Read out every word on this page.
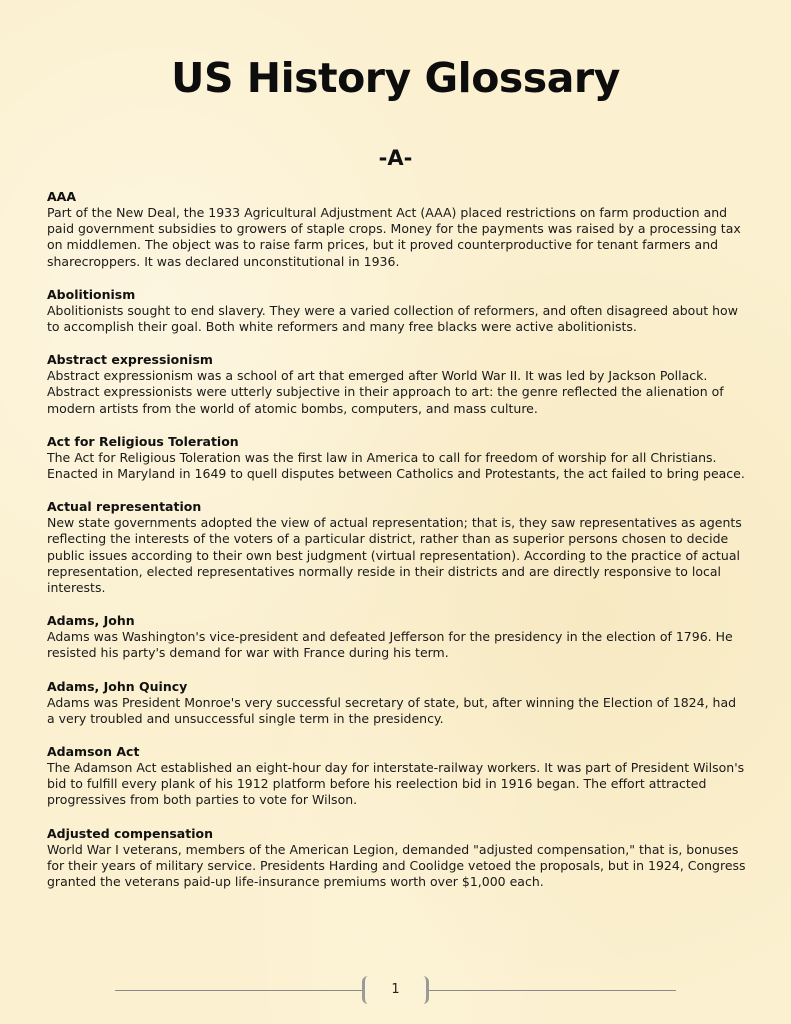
US History Glossary
-A-
AAA
Part of the New Deal, the 1933 Agricultural Adjustment Act (AAA) placed restrictions on farm production and paid government subsidies to growers of staple crops. Money for the payments was raised by a processing tax on middlemen. The object was to raise farm prices, but it proved counterproductive for tenant farmers and sharecroppers. It was declared unconstitutional in 1936.
Abolitionism
Abolitionists sought to end slavery. They were a varied collection of reformers, and often disagreed about how to accomplish their goal. Both white reformers and many free blacks were active abolitionists.
Abstract expressionism
Abstract expressionism was a school of art that emerged after World War II. It was led by Jackson Pollack. Abstract expressionists were utterly subjective in their approach to art: the genre reflected the alienation of modern artists from the world of atomic bombs, computers, and mass culture.
Act for Religious Toleration
The Act for Religious Toleration was the first law in America to call for freedom of worship for all Christians. Enacted in Maryland in 1649 to quell disputes between Catholics and Protestants, the act failed to bring peace.
Actual representation
New state governments adopted the view of actual representation; that is, they saw representatives as agents reflecting the interests of the voters of a particular district, rather than as superior persons chosen to decide public issues according to their own best judgment (virtual representation). According to the practice of actual representation, elected representatives normally reside in their districts and are directly responsive to local interests.
Adams, John
Adams was Washington's vice-president and defeated Jefferson for the presidency in the election of 1796. He resisted his party's demand for war with France during his term.
Adams, John Quincy
Adams was President Monroe's very successful secretary of state, but, after winning the Election of 1824, had a very troubled and unsuccessful single term in the presidency.
Adamson Act
The Adamson Act established an eight-hour day for interstate-railway workers. It was part of President Wilson's bid to fulfill every plank of his 1912 platform before his reelection bid in 1916 began. The effort attracted progressives from both parties to vote for Wilson.
Adjusted compensation
World War I veterans, members of the American Legion, demanded "adjusted compensation," that is, bonuses for their years of military service. Presidents Harding and Coolidge vetoed the proposals, but in 1924, Congress granted the veterans paid-up life-insurance premiums worth over $1,000 each.
1
